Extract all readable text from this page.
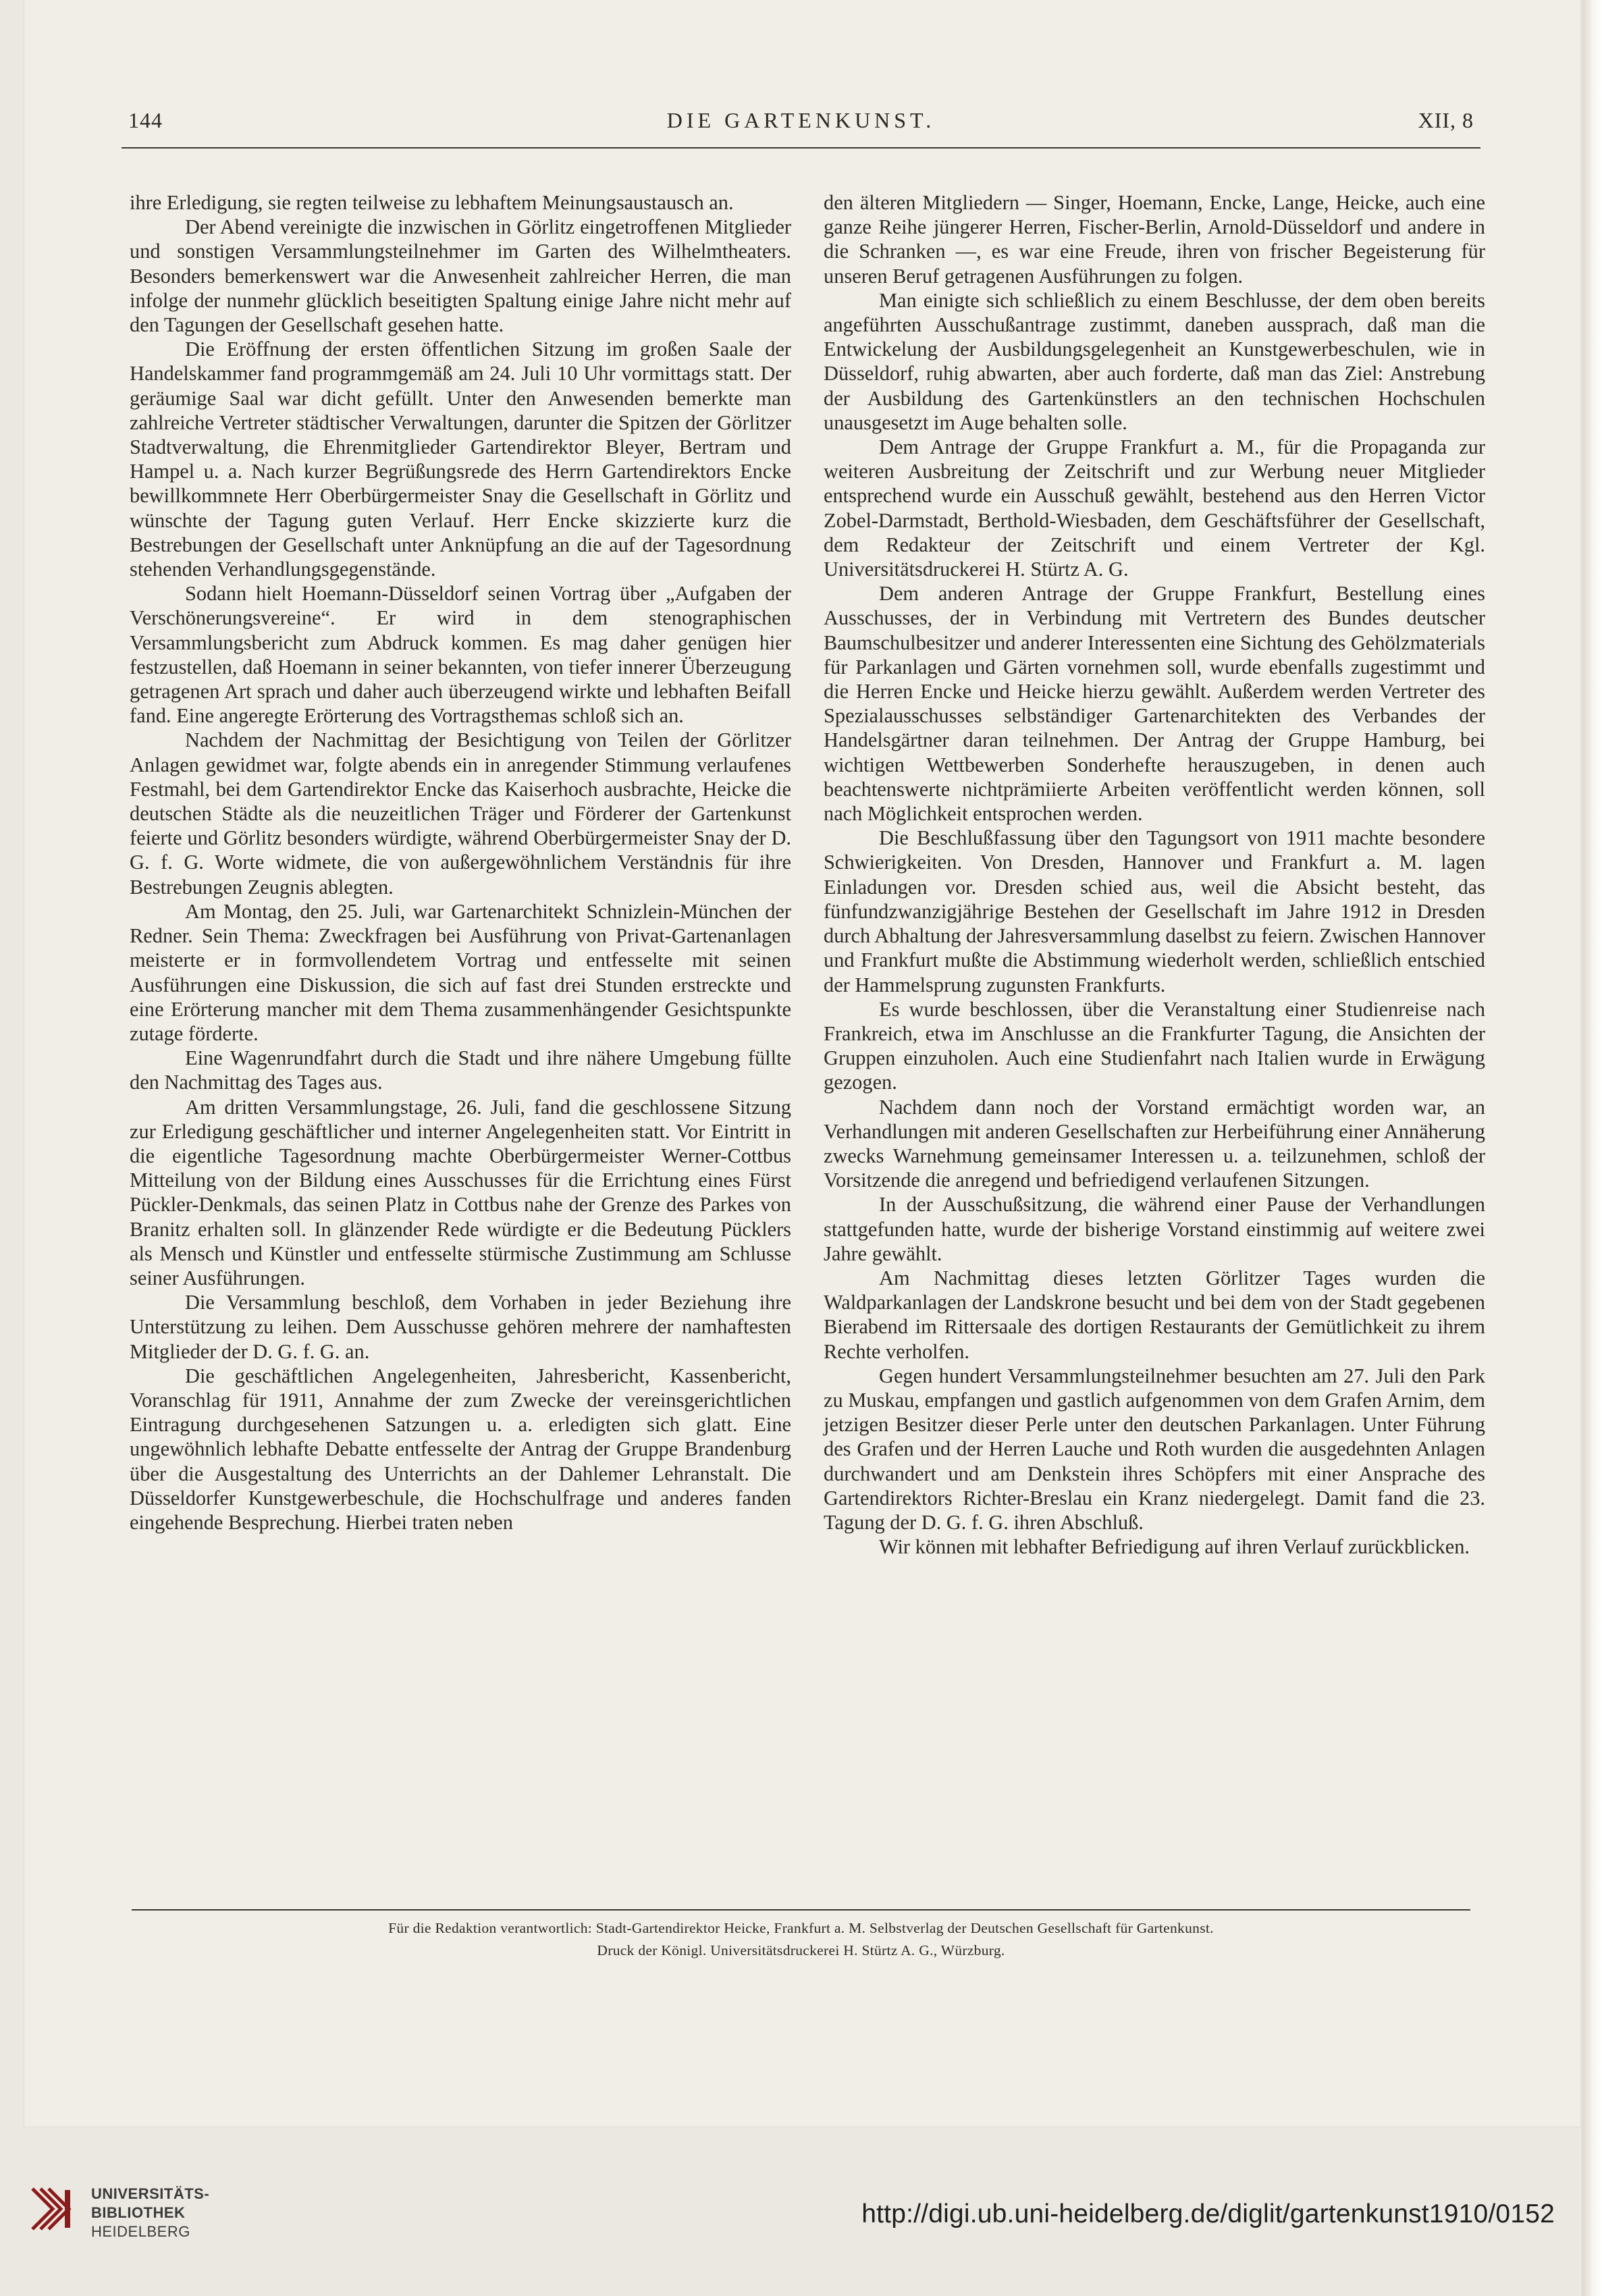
144	DIE GARTENKUNST.	XII, 8

ihre Erledigung, sie regten teilweise zu lebhaftem Meinungsaustausch an.

Der Abend vereinigte die inzwischen in Görlitz eingetroffenen Mitglieder und sonstigen Versammlungsteilnehmer im Garten des Wilhelmtheaters. Besonders bemerkenswert war die Anwesenheit zahlreicher Herren, die man infolge der nunmehr glücklich beseitigten Spaltung einige Jahre nicht mehr auf den Tagungen der Gesellschaft gesehen hatte.

Die Eröffnung der ersten öffentlichen Sitzung im großen Saale der Handelskammer fand programmgemäß am 24. Juli 10 Uhr vormittags statt. Der geräumige Saal war dicht gefüllt. Unter den Anwesenden bemerkte man zahlreiche Vertreter städtischer Verwaltungen, darunter die Spitzen der Görlitzer Stadtverwaltung, die Ehrenmitglieder Gartendirektor Bleyer, Bertram und Hampel u. a. Nach kurzer Begrüßungsrede des Herrn Gartendirektors Encke bewillkommnete Herr Oberbürgermeister Snay die Gesellschaft in Görlitz und wünschte der Tagung guten Verlauf. Herr Encke skizzierte kurz die Bestrebungen der Gesellschaft unter Anknüpfung an die auf der Tagesordnung stehenden Verhandlungsgegenstände.

Sodann hielt Hoemann-Düsseldorf seinen Vortrag über „Aufgaben der Verschönerungsvereine“. Er wird in dem stenographischen Versammlungsbericht zum Abdruck kommen. Es mag daher genügen hier festzustellen, daß Hoemann in seiner bekannten, von tiefer innerer Überzeugung getragenen Art sprach und daher auch überzeugend wirkte und lebhaften Beifall fand. Eine angeregte Erörterung des Vortragsthemas schloß sich an.

Nachdem der Nachmittag der Besichtigung von Teilen der Görlitzer Anlagen gewidmet war, folgte abends ein in anregender Stimmung verlaufenes Festmahl, bei dem Gartendirektor Encke das Kaiserhoch ausbrachte, Heicke die deutschen Städte als die neuzeitlichen Träger und Förderer der Gartenkunst feierte und Görlitz besonders würdigte, während Oberbürgermeister Snay der D. G. f. G. Worte widmete, die von außergewöhnlichem Verständnis für ihre Bestrebungen Zeugnis ablegten.

Am Montag, den 25. Juli, war Gartenarchitekt Schnizlein-München der Redner. Sein Thema: Zweckfragen bei Ausführung von Privat-Gartenanlagen meisterte er in formvollendetem Vortrag und entfesselte mit seinen Ausführungen eine Diskussion, die sich auf fast drei Stunden erstreckte und eine Erörterung mancher mit dem Thema zusammenhängender Gesichtspunkte zutage förderte.

Eine Wagenrundfahrt durch die Stadt und ihre nähere Umgebung füllte den Nachmittag des Tages aus.

Am dritten Versammlungstage, 26. Juli, fand die geschlossene Sitzung zur Erledigung geschäftlicher und interner Angelegenheiten statt. Vor Eintritt in die eigentliche Tagesordnung machte Oberbürgermeister Werner-Cottbus Mitteilung von der Bildung eines Ausschusses für die Errichtung eines Fürst Pückler-Denkmals, das seinen Platz in Cottbus nahe der Grenze des Parkes von Branitz erhalten soll. In glänzender Rede würdigte er die Bedeutung Pücklers als Mensch und Künstler und entfesselte stürmische Zustimmung am Schlusse seiner Ausführungen.

Die Versammlung beschloß, dem Vorhaben in jeder Beziehung ihre Unterstützung zu leihen. Dem Ausschusse gehören mehrere der namhaftesten Mitglieder der D. G. f. G. an.

Die geschäftlichen Angelegenheiten, Jahresbericht, Kassenbericht, Voranschlag für 1911, Annahme der zum Zwecke der vereinsgerichtlichen Eintragung durchgesehenen Satzungen u. a. erledigten sich glatt. Eine ungewöhnlich lebhafte Debatte entfesselte der Antrag der Gruppe Brandenburg über die Ausgestaltung des Unterrichts an der Dahlemer Lehranstalt. Die Düsseldorfer Kunstgewerbeschule, die Hochschulfrage und anderes fanden eingehende Besprechung. Hierbei traten neben

den älteren Mitgliedern — Singer, Hoemann, Encke, Lange, Heicke, auch eine ganze Reihe jüngerer Herren, Fischer-Berlin, Arnold-Düsseldorf und andere in die Schranken —, es war eine Freude, ihren von frischer Begeisterung für unseren Beruf getragenen Ausführungen zu folgen.

Man einigte sich schließlich zu einem Beschlusse, der dem oben bereits angeführten Ausschußantrage zustimmt, daneben aussprach, daß man die Entwickelung der Ausbildungsgelegenheit an Kunstgewerbeschulen, wie in Düsseldorf, ruhig abwarten, aber auch forderte, daß man das Ziel: Anstrebung der Ausbildung des Gartenkünstlers an den technischen Hochschulen unausgesetzt im Auge behalten solle.

Dem Antrage der Gruppe Frankfurt a. M., für die Propaganda zur weiteren Ausbreitung der Zeitschrift und zur Werbung neuer Mitglieder entsprechend wurde ein Ausschuß gewählt, bestehend aus den Herren Victor Zobel-Darmstadt, Berthold-Wiesbaden, dem Geschäftsführer der Gesellschaft, dem Redakteur der Zeitschrift und einem Vertreter der Kgl. Universitätsdruckerei H. Stürtz A. G.

Dem anderen Antrage der Gruppe Frankfurt, Bestellung eines Ausschusses, der in Verbindung mit Vertretern des Bundes deutscher Baumschulbesitzer und anderer Interessenten eine Sichtung des Gehölzmaterials für Parkanlagen und Gärten vornehmen soll, wurde ebenfalls zugestimmt und die Herren Encke und Heicke hierzu gewählt. Außerdem werden Vertreter des Spezialausschusses selbständiger Gartenarchitekten des Verbandes der Handelsgärtner daran teilnehmen. Der Antrag der Gruppe Hamburg, bei wichtigen Wettbewerben Sonderhefte herauszugeben, in denen auch beachtenswerte nichtprämiierte Arbeiten veröffentlicht werden können, soll nach Möglichkeit entsprochen werden.

Die Beschlußfassung über den Tagungsort von 1911 machte besondere Schwierigkeiten. Von Dresden, Hannover und Frankfurt a. M. lagen Einladungen vor. Dresden schied aus, weil die Absicht besteht, das fünfundzwanzigjährige Bestehen der Gesellschaft im Jahre 1912 in Dresden durch Abhaltung der Jahresversammlung daselbst zu feiern. Zwischen Hannover und Frankfurt mußte die Abstimmung wiederholt werden, schließlich entschied der Hammelsprung zugunsten Frankfurts.

Es wurde beschlossen, über die Veranstaltung einer Studienreise nach Frankreich, etwa im Anschlusse an die Frankfurter Tagung, die Ansichten der Gruppen einzuholen. Auch eine Studienfahrt nach Italien wurde in Erwägung gezogen.

Nachdem dann noch der Vorstand ermächtigt worden war, an Verhandlungen mit anderen Gesellschaften zur Herbeiführung einer Annäherung zwecks Warnehmung gemeinsamer Interessen u. a. teilzunehmen, schloß der Vorsitzende die anregend und befriedigend verlaufenen Sitzungen.

In der Ausschußsitzung, die während einer Pause der Verhandlungen stattgefunden hatte, wurde der bisherige Vorstand einstimmig auf weitere zwei Jahre gewählt.

Am Nachmittag dieses letzten Görlitzer Tages wurden die Waldparkanlagen der Landskrone besucht und bei dem von der Stadt gegebenen Bierabend im Rittersaale des dortigen Restaurants der Gemütlichkeit zu ihrem Rechte verholfen.

Gegen hundert Versammlungsteilnehmer besuchten am 27. Juli den Park zu Muskau, empfangen und gastlich aufgenommen von dem Grafen Arnim, dem jetzigen Besitzer dieser Perle unter den deutschen Parkanlagen. Unter Führung des Grafen und der Herren Lauche und Roth wurden die ausgedehnten Anlagen durchwandert und am Denkstein ihres Schöpfers mit einer Ansprache des Gartendirektors Richter-Breslau ein Kranz niedergelegt. Damit fand die 23. Tagung der D. G. f. G. ihren Abschluß.

Wir können mit lebhafter Befriedigung auf ihren Verlauf zurückblicken.

Für die Redaktion verantwortlich: Stadt-Gartendirektor Heicke, Frankfurt a. M. Selbstverlag der Deutschen Gesellschaft für Gartenkunst.
Druck der Königl. Universitätsdruckerei H. Stürtz A. G., Würzburg.
UNIVERSITÄTS-
BIBLIOTHEK
HEIDELBERG
http://digi.ub.uni-heidelberg.de/diglit/gartenkunst1910/0152
